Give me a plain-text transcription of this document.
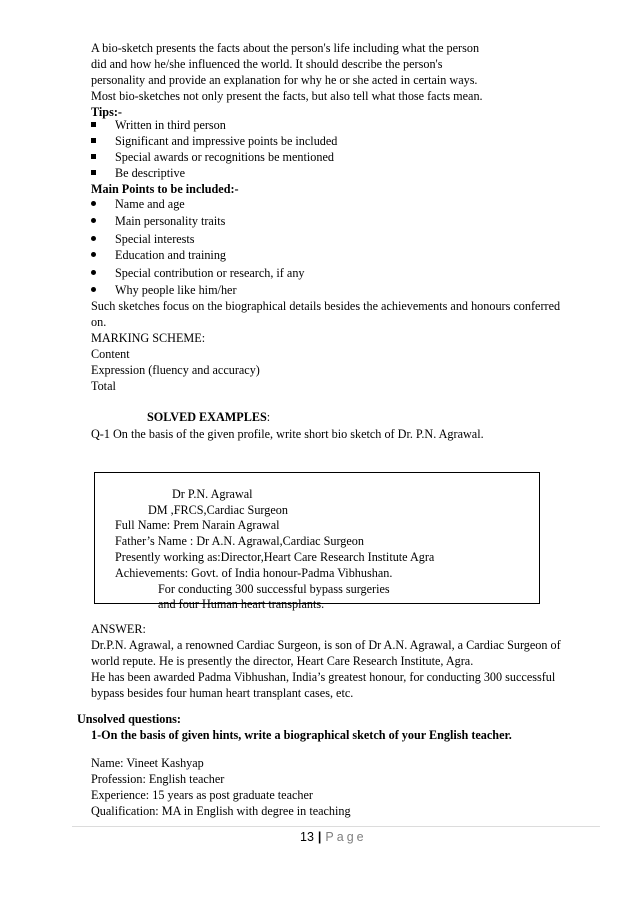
A bio-sketch presents the facts about the person's life including what the person
did and how he/she influenced the world. It should describe the person's
personality and provide an explanation for why he or she acted in certain ways.
Most bio-sketches not only present the facts, but also tell what those facts mean.
Tips:-
Written in third person
Significant and impressive points be included
Special awards or recognitions be mentioned
Be descriptive
Main Points to be included:-
Name and age
Main personality traits
Special interests
Education and training
Special contribution or research, if any
Why people like him/her
Such sketches focus on the biographical details besides the achievements and honours conferred
on.
MARKING SCHEME:
Content
Expression (fluency and accuracy)
Total
SOLVED EXAMPLES:
Q-1 On the basis of the given profile, write short bio sketch of Dr. P.N. Agrawal.
Dr P.N. Agrawal
DM ,FRCS,Cardiac Surgeon
Full Name: Prem Narain Agrawal
Father’s Name : Dr A.N. Agrawal,Cardiac Surgeon
Presently working as:Director,Heart Care Research Institute Agra
Achievements: Govt. of India honour-Padma Vibhushan.
For conducting 300 successful bypass surgeries
and four Human heart transplants.
ANSWER:
Dr.P.N. Agrawal, a renowned Cardiac Surgeon, is son of Dr A.N. Agrawal, a Cardiac Surgeon of
world repute. He is presently the director, Heart Care Research Institute, Agra.
He has been awarded Padma Vibhushan, India’s greatest honour, for conducting 300 successful
bypass besides four human heart transplant cases, etc.
Unsolved questions:
1-On the basis of given hints, write a biographical sketch of your English teacher.
Name: Vineet Kashyap
Profession: English teacher
Experience: 15 years as post graduate teacher
Qualification: MA in English with degree in teaching
13 | Page
